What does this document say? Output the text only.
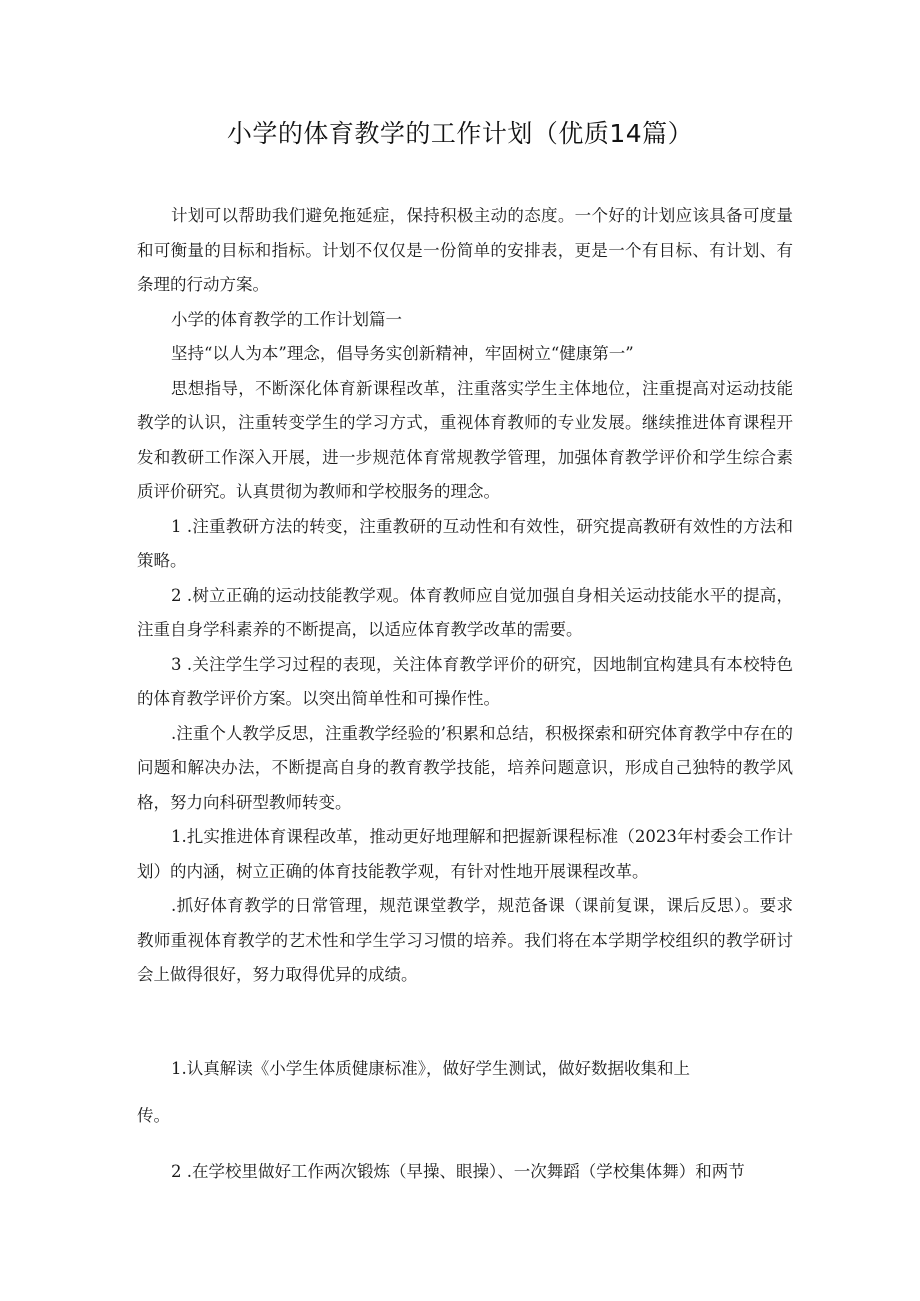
小学的体育教学的工作计划（优质14篇）

计划可以帮助我们避免拖延症，保持积极主动的态度。一个好的计划应该具备可度量和可衡量的目标和指标。计划不仅仅是一份简单的安排表，更是一个有目标、有计划、有条理的行动方案。

小学的体育教学的工作计划篇一

坚持“以人为本”理念，倡导务实创新精神，牢固树立“健康第一”

思想指导，不断深化体育新课程改革，注重落实学生主体地位，注重提高对运动技能教学的认识，注重转变学生的学习方式，重视体育教师的专业发展。继续推进体育课程开发和教研工作深入开展，进一步规范体育常规教学管理，加强体育教学评价和学生综合素质评价研究。认真贯彻为教师和学校服务的理念。

1 .注重教研方法的转变，注重教研的互动性和有效性，研究提高教研有效性的方法和策略。

2 .树立正确的运动技能教学观。体育教师应自觉加强自身相关运动技能水平的提高，注重自身学科素养的不断提高，以适应体育教学改革的需要。

3 .关注学生学习过程的表现，关注体育教学评价的研究，因地制宜构建具有本校特色的体育教学评价方案。以突出简单性和可操作性。

.注重个人教学反思，注重教学经验的’积累和总结，积极探索和研究体育教学中存在的问题和解决办法，不断提高自身的教育教学技能，培养问题意识，形成自己独特的教学风格，努力向科研型教师转变。

1.扎实推进体育课程改革，推动更好地理解和把握新课程标准（2023年村委会工作计划）的内涵，树立正确的体育技能教学观，有针对性地开展课程改革。

.抓好体育教学的日常管理，规范课堂教学，规范备课（课前复课，课后反思）。要求教师重视体育教学的艺术性和学生学习习惯的培养。我们将在本学期学校组织的教学研讨会上做得很好，努力取得优异的成绩。

1.认真解读《小学生体质健康标准》，做好学生测试，做好数据收集和上

传。

2 .在学校里做好工作两次锻炼（早操、眼操）、一次舞蹈（学校集体舞）和两节
